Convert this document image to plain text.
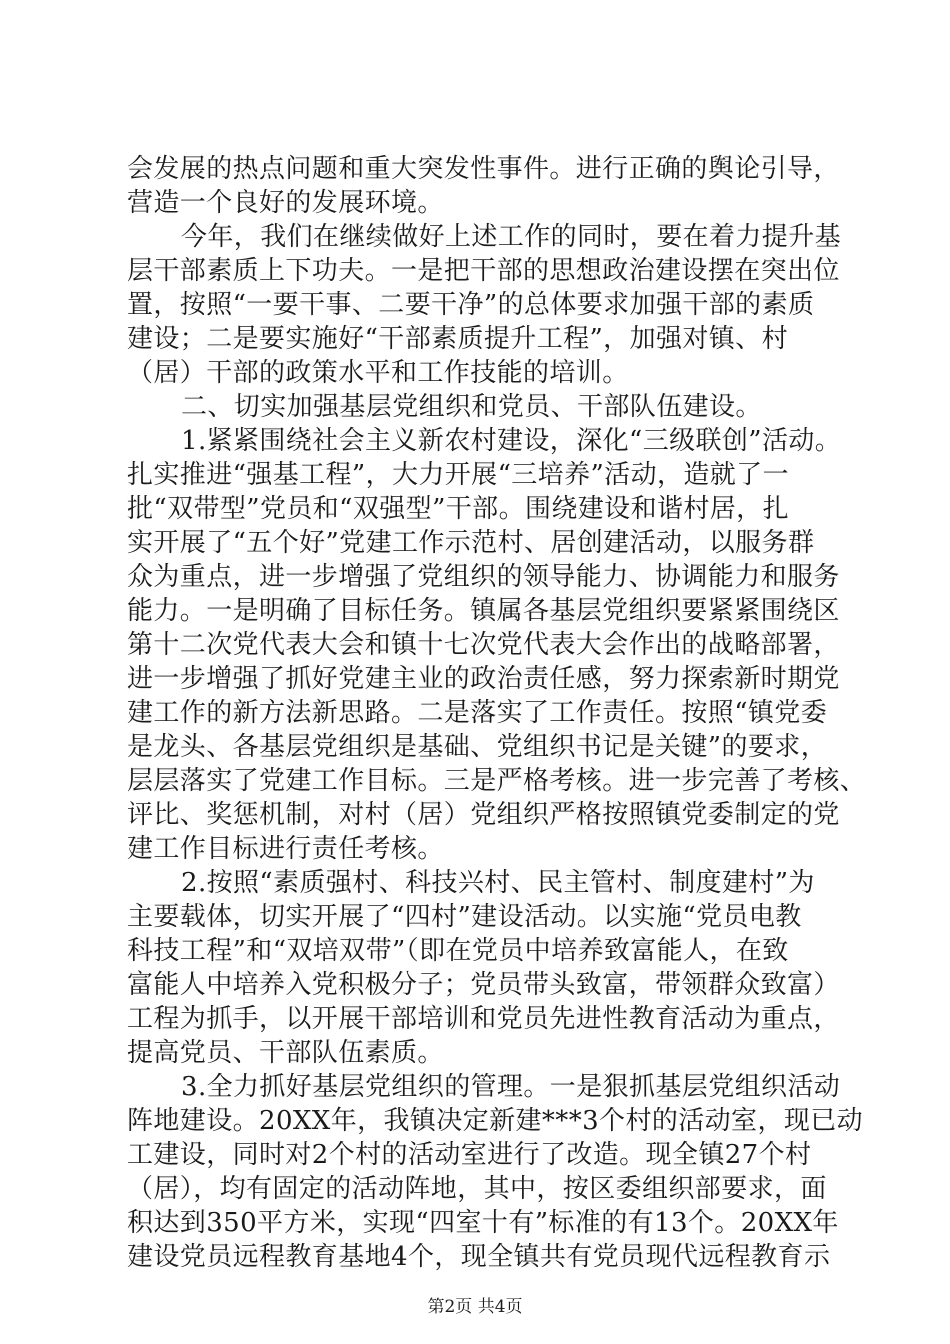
会发展的热点问题和重大突发性事件。进行正确的舆论引导，
营造一个良好的发展环境。
今年，我们在继续做好上述工作的同时，要在着力提升基
层干部素质上下功夫。一是把干部的思想政治建设摆在突出位
置，按照“一要干事、二要干净”的总体要求加强干部的素质
建设；二是要实施好“干部素质提升工程”，加强对镇、村
（居）干部的政策水平和工作技能的培训。
二、切实加强基层党组织和党员、干部队伍建设。
1.紧紧围绕社会主义新农村建设，深化“三级联创”活动。
扎实推进“强基工程”，大力开展“三培养”活动，造就了一
批“双带型”党员和“双强型”干部。围绕建设和谐村居，扎
实开展了“五个好”党建工作示范村、居创建活动，以服务群
众为重点，进一步增强了党组织的领导能力、协调能力和服务
能力。一是明确了目标任务。镇属各基层党组织要紧紧围绕区
第十二次党代表大会和镇十七次党代表大会作出的战略部署，
进一步增强了抓好党建主业的政治责任感，努力探索新时期党
建工作的新方法新思路。二是落实了工作责任。按照“镇党委
是龙头、各基层党组织是基础、党组织书记是关键”的要求，
层层落实了党建工作目标。三是严格考核。进一步完善了考核、
评比、奖惩机制，对村（居）党组织严格按照镇党委制定的党
建工作目标进行责任考核。
2.按照“素质强村、科技兴村、民主管村、制度建村”为
主要载体，切实开展了“四村”建设活动。以实施“党员电教
科技工程”和“双培双带”（即在党员中培养致富能人，在致
富能人中培养入党积极分子；党员带头致富，带领群众致富）
工程为抓手，以开展干部培训和党员先进性教育活动为重点，
提高党员、干部队伍素质。
3.全力抓好基层党组织的管理。一是狠抓基层党组织活动
阵地建设。20XX年，我镇决定新建***3个村的活动室，现已动
工建设，同时对2个村的活动室进行了改造。现全镇27个村
（居），均有固定的活动阵地，其中，按区委组织部要求，面
积达到350平方米，实现“四室十有”标准的有13个。20XX年
建设党员远程教育基地4个，现全镇共有党员现代远程教育示
第2页 共4页
